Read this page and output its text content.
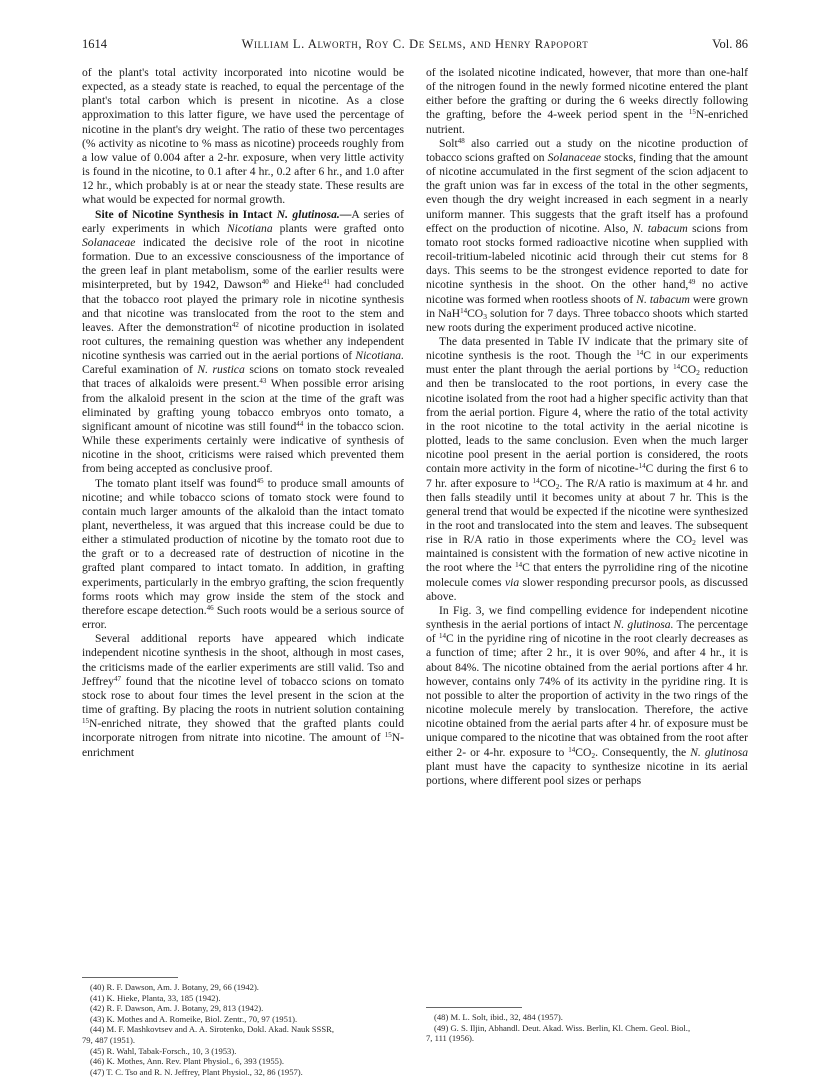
William L. Alworth, Roy C. De Selms, and Henry Rapoport
1614	Vol. 86

of the plant's total activity incorporated into nicotine would be expected, as a steady state is reached, to equal the percentage of the plant's total carbon which is present in nicotine. As a close approximation to this latter figure, we have used the percentage of nicotine in the plant's dry weight. The ratio of these two percentages (% activity as nicotine to % mass as nicotine) proceeds roughly from a low value of 0.004 after a 2-hr. exposure, when very little activity is found in the nicotine, to 0.1 after 4 hr., 0.2 after 6 hr., and 1.0 after 12 hr., which probably is at or near the steady state. These results are what would be expected for normal growth.

Site of Nicotine Synthesis in Intact N. glutinosa.—A series of early experiments in which Nicotiana plants were grafted onto Solanaceae indicated the decisive role of the root in nicotine formation. Due to an excessive consciousness of the importance of the green leaf in plant metabolism, some of the earlier results were misinterpreted, but by 1942, Dawson$^{40}$ and Hieke$^{41}$ had concluded that the tobacco root played the primary role in nicotine synthesis and that nicotine was translocated from the root to the stem and leaves. After the demonstration$^{42}$ of nicotine production in isolated root cultures, the remaining question was whether any independent nicotine synthesis was carried out in the aerial portions of Nicotiana. Careful examination of N. rustica scions on tomato stock revealed that traces of alkaloids were present.$^{43}$ When possible error arising from the alkaloid present in the scion at the time of the graft was eliminated by grafting young tobacco embryos onto tomato, a significant amount of nicotine was still found$^{44}$ in the tobacco scion. While these experiments certainly were indicative of synthesis of nicotine in the shoot, criticisms were raised which prevented them from being accepted as conclusive proof.

The tomato plant itself was found$^{45}$ to produce small amounts of nicotine; and while tobacco scions of tomato stock were found to contain much larger amounts of the alkaloid than the intact tomato plant, nevertheless, it was argued that this increase could be due to either a stimulated production of nicotine by the tomato root due to the graft or to a decreased rate of destruction of nicotine in the grafted plant compared to intact tomato. In addition, in grafting experiments, particularly in the embryo grafting, the scion frequently forms roots which may grow inside the stem of the stock and therefore escape detection.$^{46}$ Such roots would be a serious source of error.

Several additional reports have appeared which indicate independent nicotine synthesis in the shoot, although in most cases, the criticisms made of the earlier experiments are still valid. Tso and Jeffrey$^{47}$ found that the nicotine level of tobacco scions on tomato stock rose to about four times the level present in the scion at the time of grafting. By placing the roots in nutrient solution containing $^{15}$N-enriched nitrate, they showed that the grafted plants could incorporate nitrogen from nitrate into nicotine. The amount of $^{15}$N-enrichment

of the isolated nicotine indicated, however, that more than one-half of the nitrogen found in the newly formed nicotine entered the plant either before the grafting or during the 6 weeks directly following the grafting, before the 4-week period spent in the $^{15}$N-enriched nutrient.

Solt$^{48}$ also carried out a study on the nicotine production of tobacco scions grafted on Solanaceae stocks, finding that the amount of nicotine accumulated in the first segment of the scion adjacent to the graft union was far in excess of the total in the other segments, even though the dry weight increased in each segment in a nearly uniform manner. This suggests that the graft itself has a profound effect on the production of nicotine. Also, N. tabacum scions from tomato root stocks formed radioactive nicotine when supplied with recoil-tritium-labeled nicotinic acid through their cut stems for 8 days. This seems to be the strongest evidence reported to date for nicotine synthesis in the shoot. On the other hand,$^{49}$ no active nicotine was formed when rootless shoots of N. tabacum were grown in $NaH^{14}CO_3$ solution for 7 days. Three tobacco shoots which started new roots during the experiment produced active nicotine.

The data presented in Table IV indicate that the primary site of nicotine synthesis is the root. Though the $^{14}$C in our experiments must enter the plant through the aerial portions by $^{14}CO_2$ reduction and then be translocated to the root portions, in every case the nicotine isolated from the root had a higher specific activity than that from the aerial portion. Figure 4, where the ratio of the total activity in the root nicotine to the total activity in the aerial nicotine is plotted, leads to the same conclusion. Even when the much larger nicotine pool present in the aerial portion is considered, the roots contain more activity in the form of nicotine-$^{14}$C during the first 6 to 7 hr. after exposure to $^{14}CO_2$. The R/A ratio is maximum at 4 hr. and then falls steadily until it becomes unity at about 7 hr. This is the general trend that would be expected if the nicotine were synthesized in the root and translocated into the stem and leaves. The subsequent rise in R/A ratio in those experiments where the $CO_2$ level was maintained is consistent with the formation of new active nicotine in the root where the $^{14}$C that enters the pyrrolidine ring of the nicotine molecule comes via slower responding precursor pools, as discussed above.

In Fig. 3, we find compelling evidence for independent nicotine synthesis in the aerial portions of intact N. glutinosa. The percentage of $^{14}$C in the pyridine ring of nicotine in the root clearly decreases as a function of time; after 2 hr., it is over 90%, and after 4 hr., it is about 84%. The nicotine obtained from the aerial portions after 4 hr. however, contains only 74% of its activity in the pyridine ring. It is not possible to alter the proportion of activity in the two rings of the nicotine molecule merely by translocation. Therefore, the active nicotine obtained from the aerial parts after 4 hr. of exposure must be unique compared to the nicotine that was obtained from the root after either 2- or 4-hr. exposure to $^{14}CO_2$. Consequently, the N. glutinosa plant must have the capacity to synthesize nicotine in its aerial portions, where different pool sizes or perhaps

(40) R. F. Dawson, Am. J. Botany, 29, 66 (1942).
(41) K. Hieke, Planta, 33, 185 (1942).
(42) R. F. Dawson, Am. J. Botany, 29, 813 (1942).
(43) K. Mothes and A. Romeike, Biol. Zentr., 70, 97 (1951).
(44) M. F. Mashkovtsev and A. A. Sirotenko, Dokl. Akad. Nauk SSSR,
79, 487 (1951).
(45) R. Wahl, Tabak-Forsch., 10, 3 (1953).
(46) K. Mothes, Ann. Rev. Plant Physiol., 6, 393 (1955).
(47) T. C. Tso and R. N. Jeffrey, Plant Physiol., 32, 86 (1957).
(48) M. L. Solt, ibid., 32, 484 (1957).
(49) G. S. Iljin, Abhandl. Deut. Akad. Wiss. Berlin, Kl. Chem. Geol. Biol.,
7, 111 (1956).
